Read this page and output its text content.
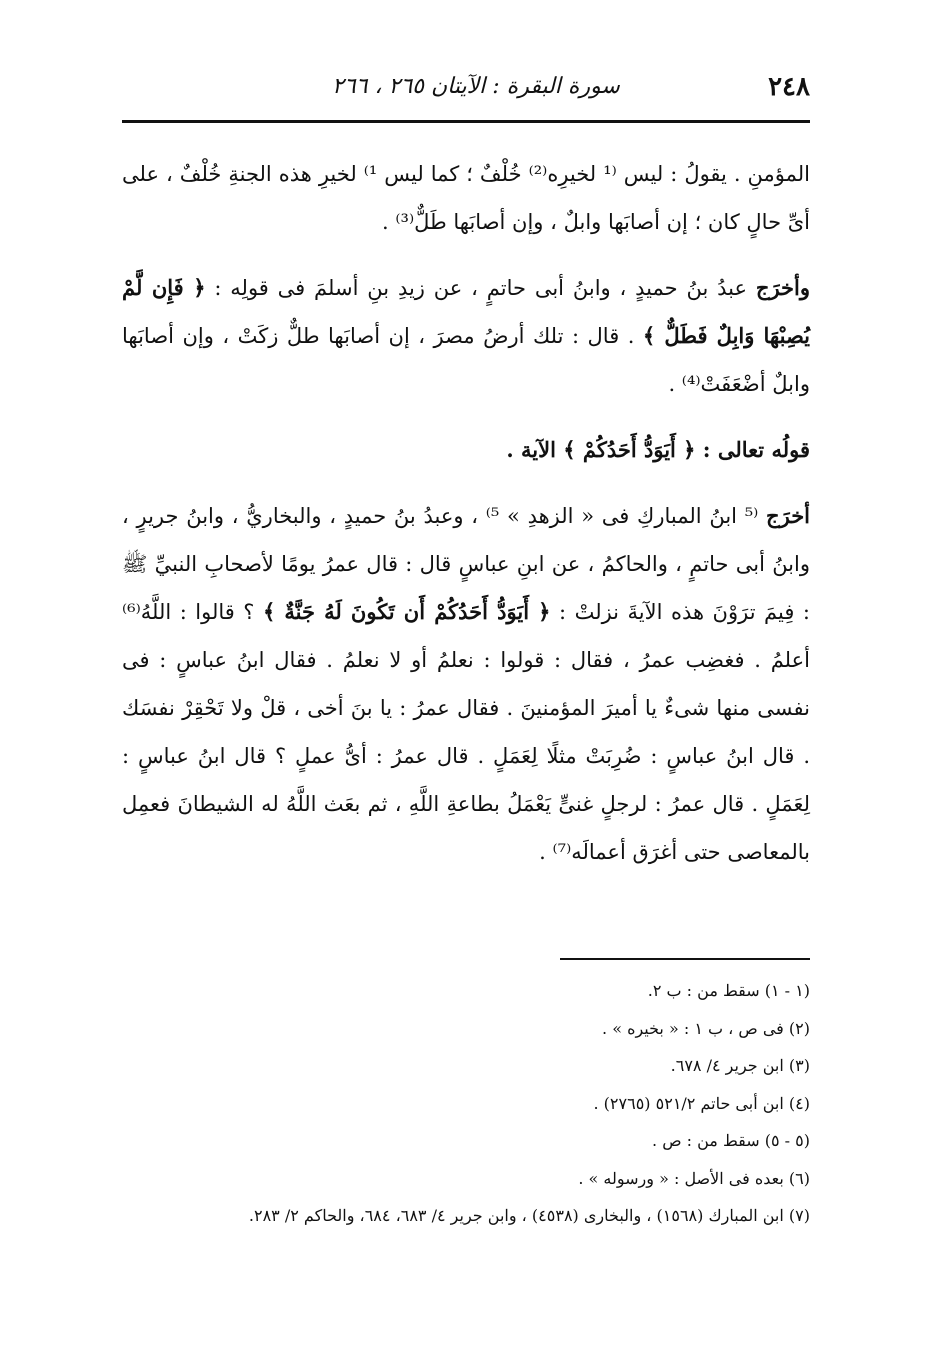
٢٤٨
سورة البقرة : الآيتان ٢٦٥ ، ٢٦٦

المؤمنِ . يقولُ : ليس ⁽¹ لخيرِه⁽²⁾ خُلْفٌ ؛ كما ليس ¹⁾ لخيرِ هذه الجنةِ خُلْفٌ ، على أىِّ حالٍ كان ؛ إن أصابَها وابلٌ ، وإن أصابَها طَلٌّ⁽³⁾ .

وأخرَج عبدُ بنُ حميدٍ ، وابنُ أبى حاتمٍ ، عن زيدِ بنِ أسلمَ فى قولِه : ﴿ فَإِن لَّمْ يُصِبْهَا وَابِلٌ فَطَلٌّ ﴾ . قال : تلك أرضُ مصرَ ، إن أصابَها طلٌّ زكَتْ ، وإن أصابَها وابلٌ أضْعَفَتْ⁽⁴⁾ .

قولُه تعالى : ﴿ أَيَوَدُّ أَحَدُكُمْ ﴾ الآية .

أخرَج ⁽⁵ ابنُ المباركِ فى « الزهدِ » ⁵⁾ ، وعبدُ بنُ حميدٍ ، والبخاريُّ ، وابنُ جريرٍ ، وابنُ أبى حاتمٍ ، والحاكمُ ، عن ابنِ عباسٍ قال : قال عمرُ يومًا لأصحابِ النبيِّ ﷺ : فِيمَ ترَوْنَ هذه الآيةَ نزلتْ : ﴿ أَيَوَدُّ أَحَدُكُمْ أَن تَكُونَ لَهُ جَنَّةٌ ﴾ ؟ قالوا : اللَّهُ⁽⁶⁾ أعلمُ . فغضِب عمرُ ، فقال : قولوا : نعلمُ أو لا نعلمُ . فقال ابنُ عباسٍ : فى نفسى منها شىءٌ يا أميرَ المؤمنينَ . فقال عمرُ : يا بنَ أخى ، قلْ ولا تَحْقِرْ نفسَك . قال ابنُ عباسٍ : ضُرِبَتْ مثلًا لِعَمَلٍ . قال عمرُ : أىُّ عملٍ ؟ قال ابنُ عباسٍ : لِعَمَلٍ . قال عمرُ : لرجلٍ غنىٍّ يَعْمَلُ بطاعةِ اللَّهِ ، ثم بعَث اللَّهُ له الشيطانَ فعمِل بالمعاصى حتى أغرَق أعمالَه⁽⁷⁾ .

(١ - ١) سقط من : ب ٢.
(٢) فى ص ، ب ١ : « بخيره » .
(٣) ابن جرير ٤/ ٦٧٨.
(٤) ابن أبى حاتم ٥٢١/٢ (٢٧٦٥) .
(٥ - ٥) سقط من : ص .
(٦) بعده فى الأصل : « ورسوله » .
(٧) ابن المبارك (١٥٦٨) ، والبخارى (٤٥٣٨) ، وابن جرير ٤/ ٦٨٣، ٦٨٤، والحاكم ٢/ ٢٨٣.
